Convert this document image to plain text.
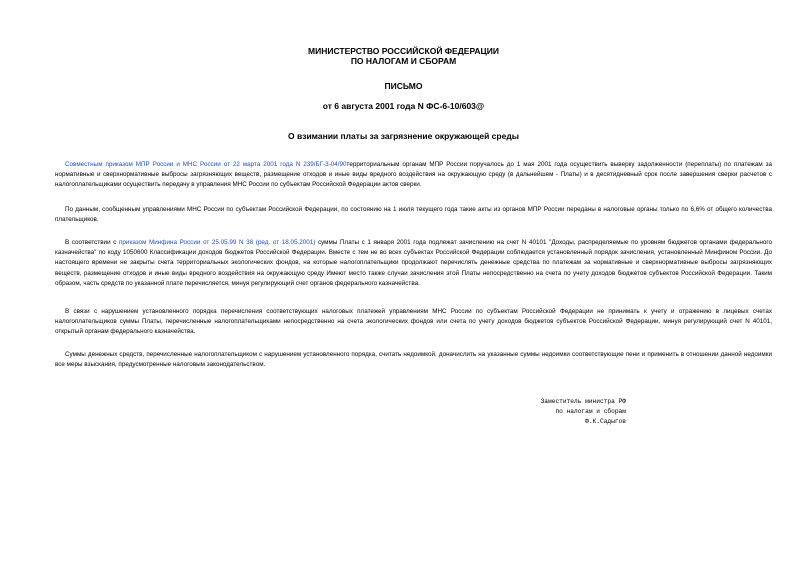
МИНИСТЕРСТВО РОССИЙСКОЙ ФЕДЕРАЦИИ
ПО НАЛОГАМ И СБОРАМ
ПИСЬМО
от 6 августа 2001 года N ФС-6-10/603@
О взимании платы за загрязнение окружающей среды
Совместным приказом МПР России и МНС России от 22 марта 2001 года N 239/БГ-3-04/90территориальным органам МПР России поручалось до 1 мая 2001 года осуществить выверку задолженности (переплаты) по платежам за нормативные и сверхнормативные выбросы загрязняющих веществ, размещение отходов и иные виды вредного воздействия на окружающую среду (в дальнейшем - Платы) и в десятидневный срок после завершения сверки расчетов с налогоплательщиками осуществить передачу в управления МНС России по субъектам Российской Федерации актов сверки.
По данным, сообщенным управлениями МНС России по субъектам Российской Федерации, по состоянию на 1 июля текущего года такие акты из органов МПР России переданы в налоговые органы только по 6,6% от общего количества плательщиков.
В соответствии с приказом Минфина России от 25.05.99 N 38 (ред. от 18.05.2001) суммы Платы с 1 января 2001 года подлежат зачислению на счет N 40101 "Доходы, распределяемые по уровням бюджетов органами федерального казначейства" по коду 1050600 Классификации доходов бюджетов Российской Федерации. Вместе с тем не во всех субъектах Российской Федерации соблюдается установленный порядок зачисления, установленный Минфином России. До настоящего времени не закрыты счета территориальных экологических фондов, на которые налогоплательщики продолжают перечислять денежные средства по платежам за нормативные и сверхнормативные выбросы загрязняющих веществ, размещение отходов и иные виды вредного воздействия на окружающую среду Имеют место также случаи зачисления этой Платы непосредственно на счета по учету доходов бюджетов субъектов Российской Федерации. Таким образом, часть средств по указанной плате перечисляется, минуя регулирующий счет органов федерального казначейства.
В связи с нарушением установленного порядка перечисления соответствующих налоговых платежей управлениям МНС России по субъектам Российской Федерации не принимать к учету и отражению в лицевых счетах налогоплательщиков суммы Платы, перечисленные налогоплательщиками непосредственно на счета экологических фондов или счета по учету доходов бюджетов субъектов Российской Федерации, минуя регулирующий счет N 40101, открытый органам федерального казначейства.
Суммы денежных средств, перечисленные налогоплательщиком с нарушением установленного порядка, считать недоимкой, доначислить на указанные суммы недоимки соответствующие пени и применить в отношении данной недоимки все меры взыскания, предусмотренные налоговым законодательством.
Заместитель министра РФ
по налогам и сборам
Ф.К.Садыгов
